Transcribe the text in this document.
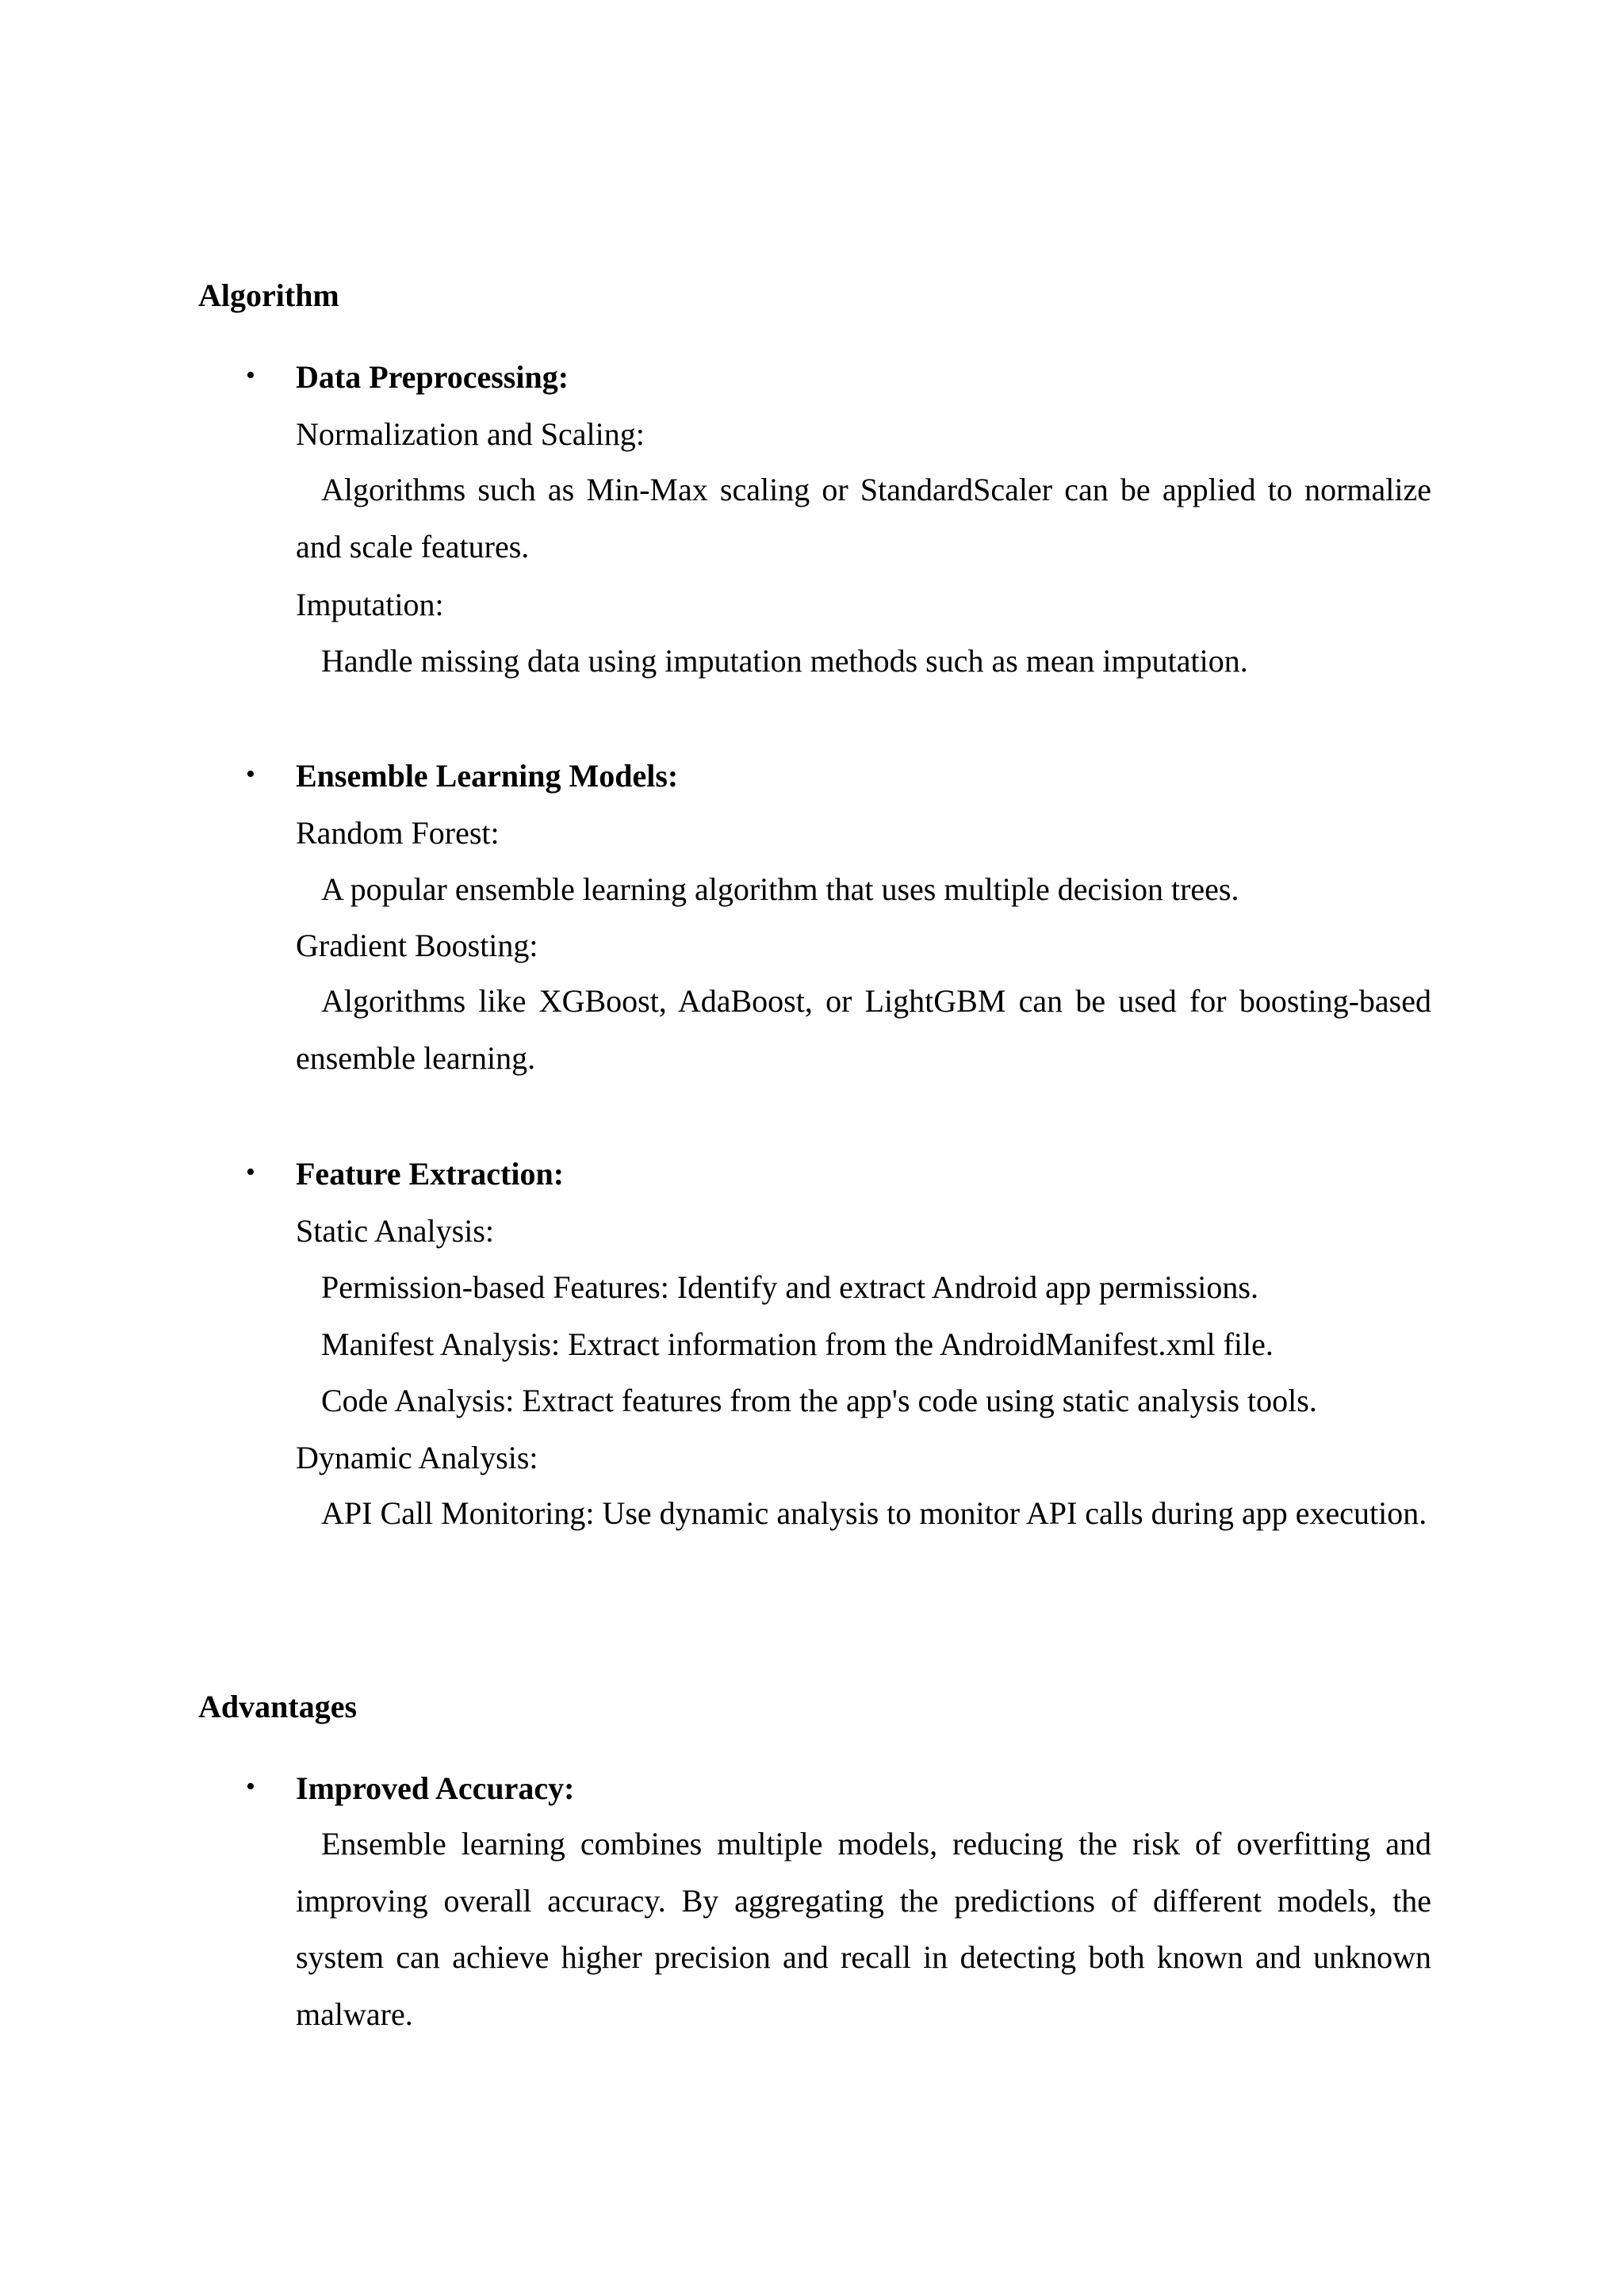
Algorithm
• Data Preprocessing:
Normalization and Scaling:
Algorithms such as Min-Max scaling or StandardScaler can be applied to normalize and scale features.
Imputation:
Handle missing data using imputation methods such as mean imputation.
• Ensemble Learning Models:
Random Forest:
A popular ensemble learning algorithm that uses multiple decision trees.
Gradient Boosting:
Algorithms like XGBoost, AdaBoost, or LightGBM can be used for boosting-based ensemble learning.
• Feature Extraction:
Static Analysis:
Permission-based Features: Identify and extract Android app permissions.
Manifest Analysis: Extract information from the AndroidManifest.xml file.
Code Analysis: Extract features from the app's code using static analysis tools.
Dynamic Analysis:
API Call Monitoring: Use dynamic analysis to monitor API calls during app execution.
Advantages
• Improved Accuracy:
Ensemble learning combines multiple models, reducing the risk of overfitting and improving overall accuracy. By aggregating the predictions of different models, the system can achieve higher precision and recall in detecting both known and unknown malware.
